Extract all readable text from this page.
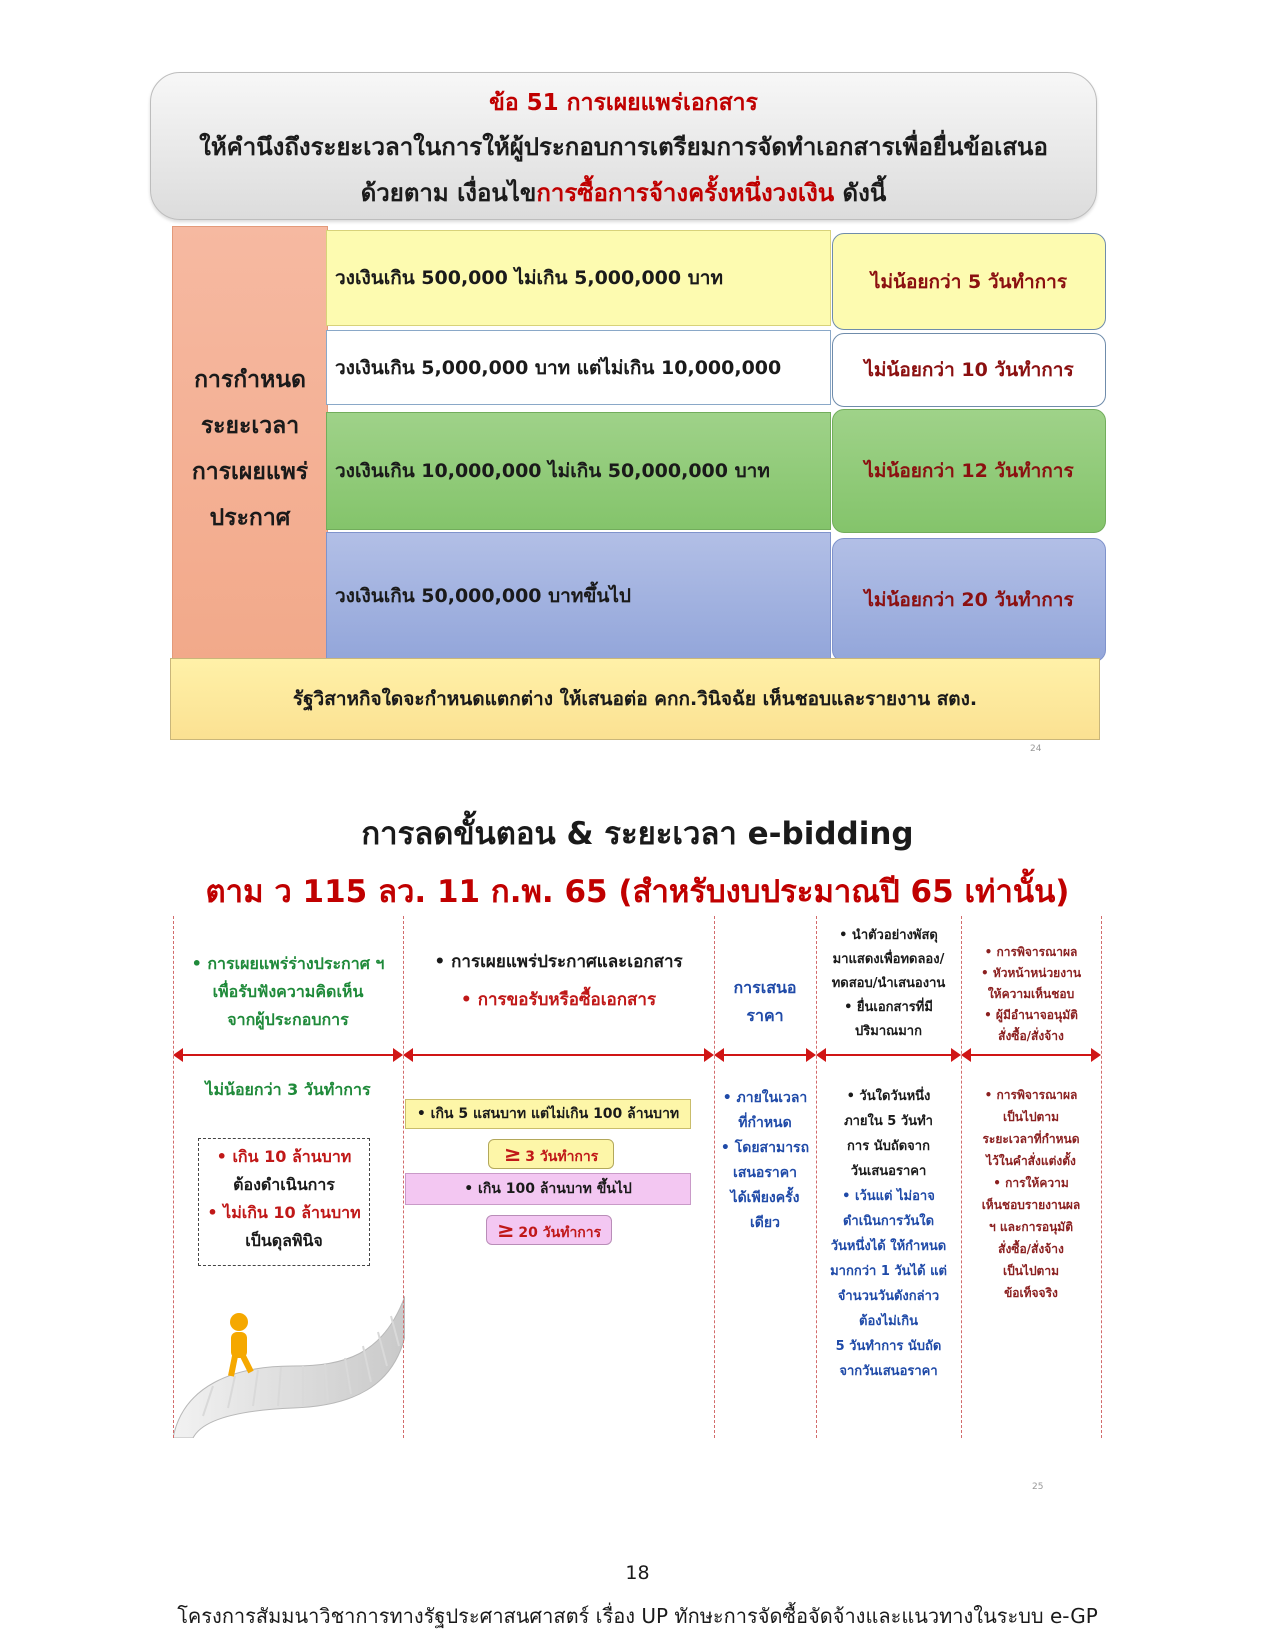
ข้อ 51 การเผยแพร่เอกสาร
ให้คำนึงถึงระยะเวลาในการให้ผู้ประกอบการเตรียมการจัดทำเอกสารเพื่อยื่นข้อเสนอ
ด้วยตาม เงื่อนไขการซื้อการจ้างครั้งหนึ่งวงเงิน ดังนี้
การกำหนด
ระยะเวลา
การเผยแพร่
ประกาศ
วงเงินเกิน 500,000 ไม่เกิน 5,000,000 บาท
วงเงินเกิน 5,000,000 บาท แต่ไม่เกิน 10,000,000
วงเงินเกิน 10,000,000 ไม่เกิน 50,000,000 บาท
วงเงินเกิน 50,000,000 บาทขึ้นไป
ไม่น้อยกว่า 5 วันทำการ
ไม่น้อยกว่า 10 วันทำการ
ไม่น้อยกว่า 12 วันทำการ
ไม่น้อยกว่า 20 วันทำการ
รัฐวิสาหกิจใดจะกำหนดแตกต่าง ให้เสนอต่อ คกก.วินิจฉัย เห็นชอบและรายงาน สตง.
24
การลดขั้นตอน & ระยะเวลา e-bidding
ตาม ว 115 ลว. 11 ก.พ. 65 (สำหรับงบประมาณปี 65 เท่านั้น)
• การเผยแพร่ร่างประกาศ ฯ
เพื่อรับฟังความคิดเห็น
จากผู้ประกอบการ
ไม่น้อยกว่า 3 วันทำการ
• เกิน 10 ล้านบาท
ต้องดำเนินการ
• ไม่เกิน 10 ล้านบาท
เป็นดุลพินิจ
• การเผยแพร่ประกาศและเอกสาร
• การขอรับหรือซื้อเอกสาร
• เกิน 5 แสนบาท แต่ไม่เกิน 100 ล้านบาท
≥ 3 วันทำการ
• เกิน 100 ล้านบาท ขึ้นไป
≥ 20 วันทำการ
การเสนอ
ราคา
• ภายในเวลา
ที่กำหนด
• โดยสามารถ
เสนอราคา
ได้เพียงครั้ง
เดียว
• นำตัวอย่างพัสดุ
มาแสดงเพื่อทดลอง/
ทดสอบ/นำเสนองาน
• ยื่นเอกสารที่มี
ปริมาณมาก
• วันใดวันหนึ่ง
ภายใน 5 วันทำ
การ นับถัดจาก
วันเสนอราคา
• เว้นแต่ ไม่อาจ
ดำเนินการวันใด
วันหนึ่งได้ ให้กำหนด
มากกว่า 1 วันได้ แต่
จำนวนวันดังกล่าว
ต้องไม่เกิน
5 วันทำการ นับถัด
จากวันเสนอราคา
• การพิจารณาผล
• หัวหน้าหน่วยงาน
ให้ความเห็นชอบ
• ผู้มีอำนาจอนุมัติ
สั่งซื้อ/สั่งจ้าง
• การพิจารณาผล
เป็นไปตาม
ระยะเวลาที่กำหนด
ไว้ในคำสั่งแต่งตั้ง
• การให้ความ
เห็นชอบรายงานผล
ฯ และการอนุมัติ
สั่งซื้อ/สั่งจ้าง
เป็นไปตาม
ข้อเท็จจริง
25
18
โครงการสัมมนาวิชาการทางรัฐประศาสนศาสตร์ เรื่อง UP ทักษะการจัดซื้อจัดจ้างและแนวทางในระบบ e-GP
